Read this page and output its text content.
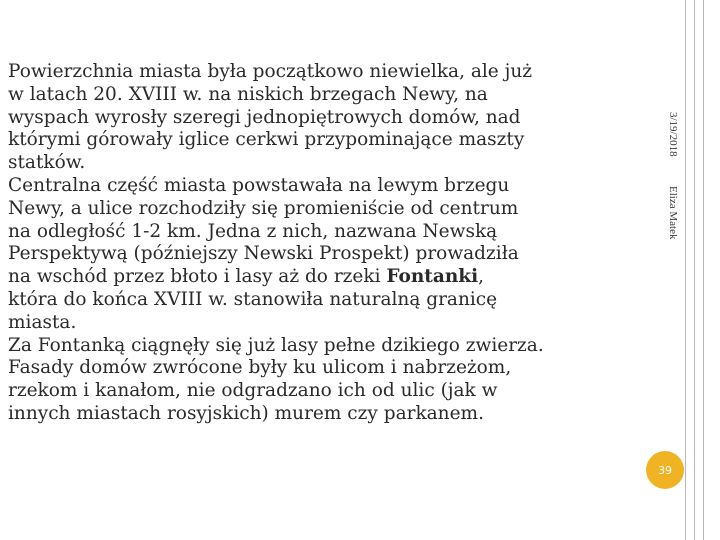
Powierzchnia miasta była początkowo niewielka, ale już
w latach 20. XVIII w. na niskich brzegach Newy, na
wyspach wyrosły szeregi jednopiętrowych domów, nad
którymi górowały iglice cerkwi przypominające maszty
statków.

Centralna część miasta powstawała na lewym brzegu
Newy, a ulice rozchodziły się promieniście od centrum
na odległość 1-2 km. Jedna z nich, nazwana Newską
Perspektywą (późniejszy Newski Prospekt) prowadziła
na wschód przez błoto i lasy aż do rzeki Fontanki,
która do końca XVIII w. stanowiła naturalną granicę
miasta.

Za Fontanką ciągnęły się już lasy pełne dzikiego zwierza.
Fasady domów zwrócone były ku ulicom i nabrzeżom,
rzekom i kanałom, nie odgradzano ich od ulic (jak w
innych miastach rosyjskich) murem czy parkanem.

3/19/2018
Eliza Matek
39
